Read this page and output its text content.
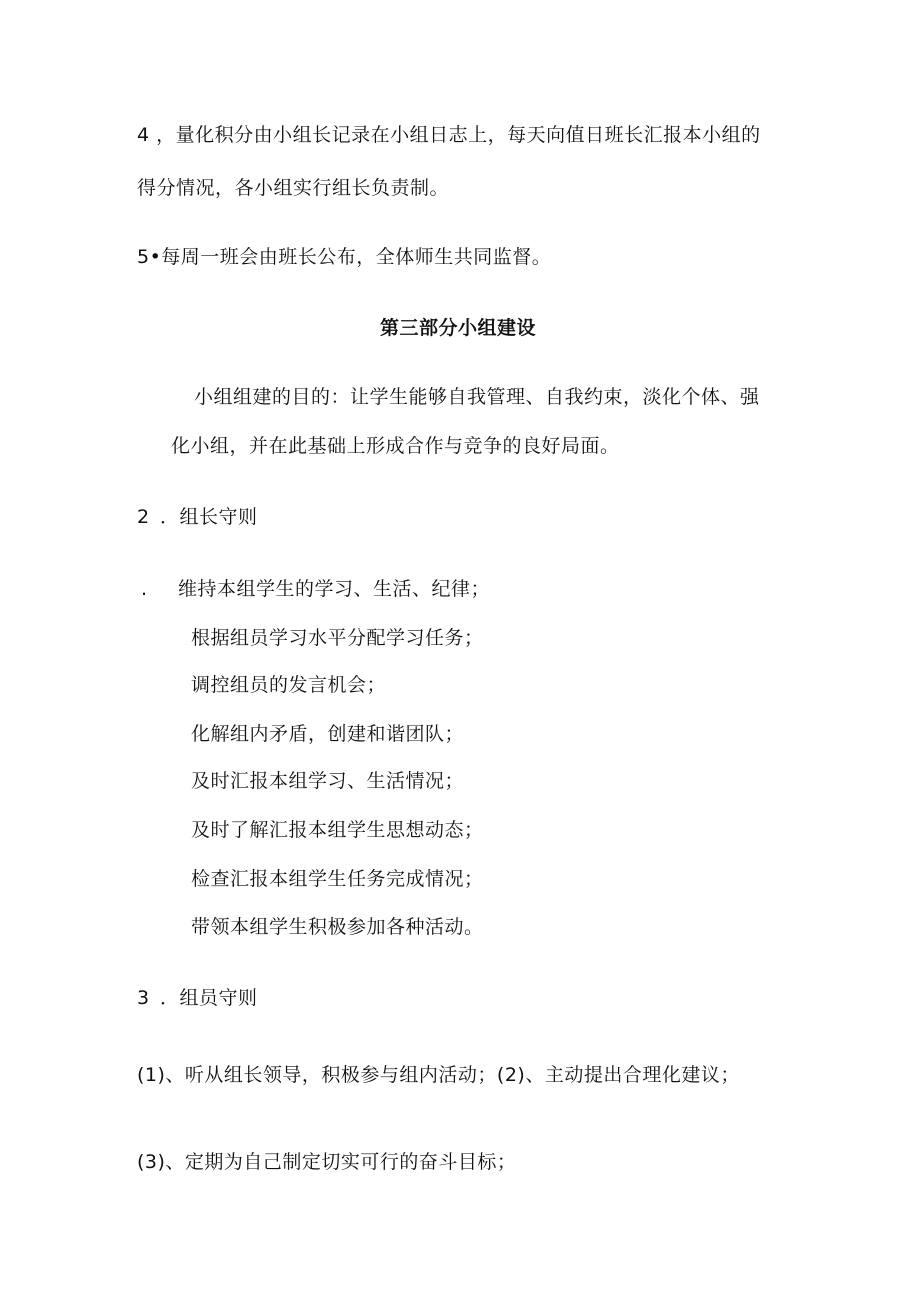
4 ，量化积分由小组长记录在小组日志上，每天向值日班长汇报本小组的
得分情况，各小组实行组长负责制。
5•每周一班会由班长公布，全体师生共同监督。
第三部分小组建设
小组组建的目的：让学生能够自我管理、自我约束，淡化个体、强
化小组，并在此基础上形成合作与竞争的良好局面。
2 ．组长守则
. 维持本组学生的学习、生活、纪律；
根据组员学习水平分配学习任务；
调控组员的发言机会；
化解组内矛盾，创建和谐团队；
及时汇报本组学习、生活情况；
及时了解汇报本组学生思想动态；
检查汇报本组学生任务完成情况；
带领本组学生积极参加各种活动。
3 ．组员守则
(1)、听从组长领导，积极参与组内活动；(2)、主动提出合理化建议；
(3)、定期为自己制定切实可行的奋斗目标；
